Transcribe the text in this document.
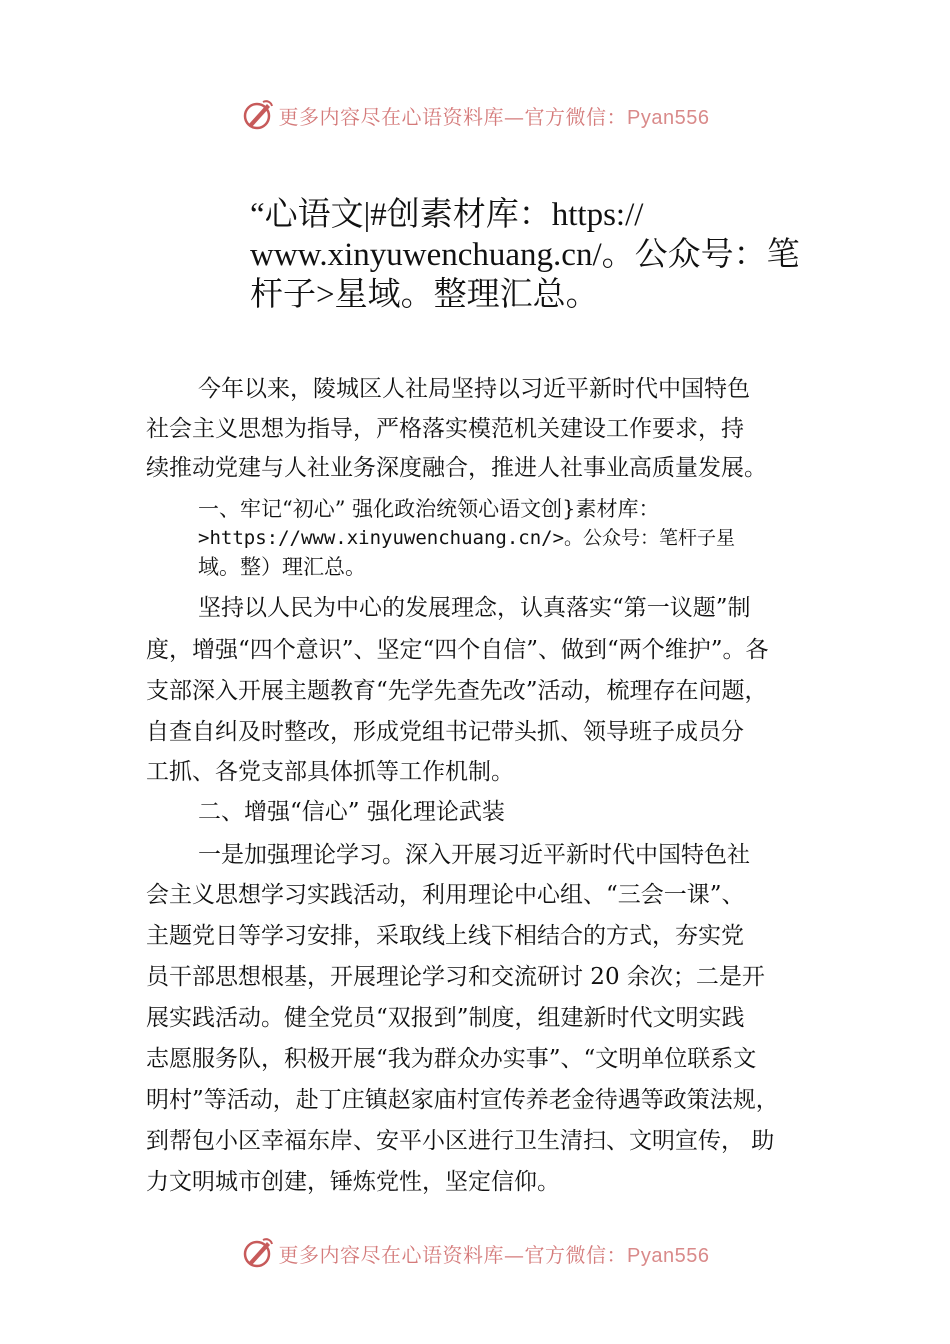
更多内容尽在心语资料库—官方微信：Pyan556
“心语文|#创素材库：https://
www.xinyuwenchuang.cn/。公众号：笔
杆子>星域。整理汇总。
今年以来，陵城区人社局坚持以习近平新时代中国特色
社会主义思想为指导，严格落实模范机关建设工作要求，持
续推动党建与人社业务深度融合，推进人社事业高质量发展。
一、牢记“初心” 强化政治统领心语文创}素材库：
>https://www.xinyuwenchuang.cn/>。公众号：笔杆子星
域。整）理汇总。
坚持以人民为中心的发展理念，认真落实“第一议题”制
度，增强“四个意识”、坚定“四个自信”、做到“两个维护”。各
支部深入开展主题教育“先学先查先改”活动，梳理存在问题，
自查自纠及时整改，形成党组书记带头抓、领导班子成员分
工抓、各党支部具体抓等工作机制。
二、增强“信心” 强化理论武装
一是加强理论学习。深入开展习近平新时代中国特色社
会主义思想学习实践活动，利用理论中心组、“三会一课”、
主题党日等学习安排，采取线上线下相结合的方式，夯实党
员干部思想根基，开展理论学习和交流研讨 20 余次；二是开
展实践活动。健全党员“双报到”制度，组建新时代文明实践
志愿服务队，积极开展“我为群众办实事”、“文明单位联系文
明村”等活动，赴丁庄镇赵家庙村宣传养老金待遇等政策法规，
到帮包小区幸福东岸、安平小区进行卫生清扫、文明宣传， 助
力文明城市创建，锤炼党性，坚定信仰。
更多内容尽在心语资料库—官方微信：Pyan556
